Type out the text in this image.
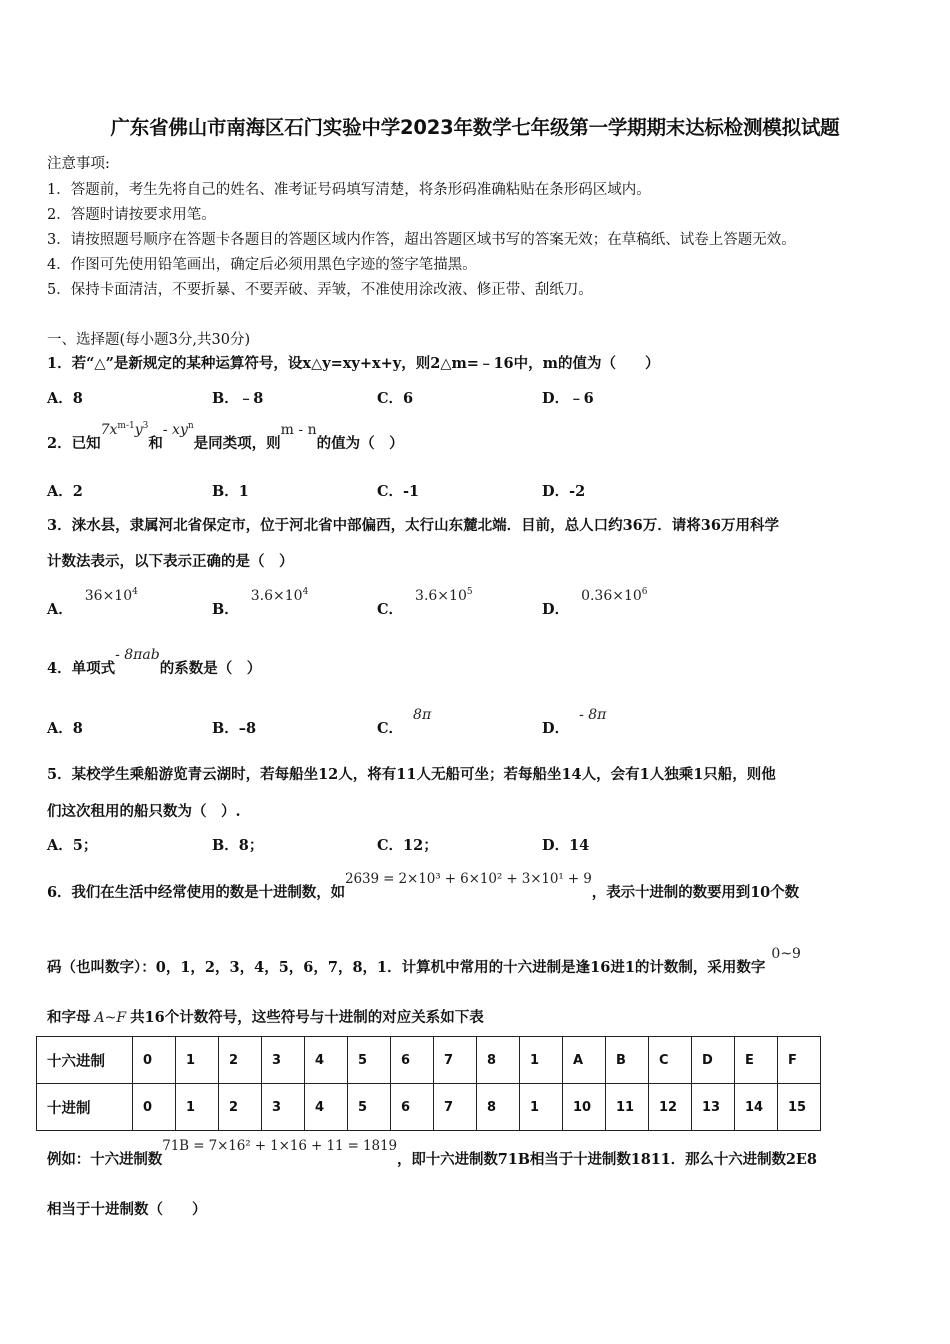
广东省佛山市南海区石门实验中学2023年数学七年级第一学期期末达标检测模拟试题
注意事项:
1．答题前，考生先将自己的姓名、准考证号码填写清楚，将条形码准确粘贴在条形码区域内。
2．答题时请按要求用笔。
3．请按照题号顺序在答题卡各题目的答题区域内作答，超出答题区域书写的答案无效；在草稿纸、试卷上答题无效。
4．作图可先使用铅笔画出，确定后必须用黑色字迹的签字笔描黑。
5．保持卡面清洁，不要折暴、不要弄破、弄皱，不准使用涂改液、修正带、刮纸刀。
一、选择题(每小题3分,共30分)
1．若“△”是新规定的某种运算符号，设x△y=xy+x+y，则2△m=﹣16中，m的值为（　　）
A．8	B．﹣8	C．6	D．﹣6
2．已知$7x^{m-1}y^3$和- $xy^n$是同类项，则m - n的值为（　）
A．2	B．1	C．-1	D．-2
3．涞水县，隶属河北省保定市，位于河北省中部偏西，太行山东麓北端．目前，总人口约36万．请将36万用科学
计数法表示，以下表示正确的是（　）
A．$36\times 10^4$
B．$3.6\times 10^4$
C．$3.6\times 10^5$
D．$0.36\times 10^6$
4．单项式- 8πab的系数是（　）
A．8	B．–8	C．8π
D．- 8π
5．某校学生乘船游览青云湖时，若每船坐12人，将有11人无船可坐；若每船坐14人，会有1人独乘1只船，则他
们这次租用的船只数为（　）.
A．5；	B．8；	C．12；	D．14
6．我们在生活中经常使用的数是十进制数，如2639 = 2×10³ + 6×10² + 3×10¹ + 9，表示十进制的数要用到10个数
码（也叫数字）：0，1，2，3，4，5，6，7，8，1．计算机中常用的十六进制是逢16进1的计数制，采用数字0~9
和字母 A~F 共16个计数符号，这些符号与十进制的对应关系如下表
十六进制	0	1	2	3	4	5	6	7	8	1	A	B	C	D	E	F
十进制	0	1	2	3	4	5	6	7	8	1	10	11	12	13	14	15
例如：十六进制数71B = 7×16² + 1×16 + 11 = 1819，即十六进制数71B相当于十进制数1811．那么十六进制数2E8
相当于十进制数（　　）
